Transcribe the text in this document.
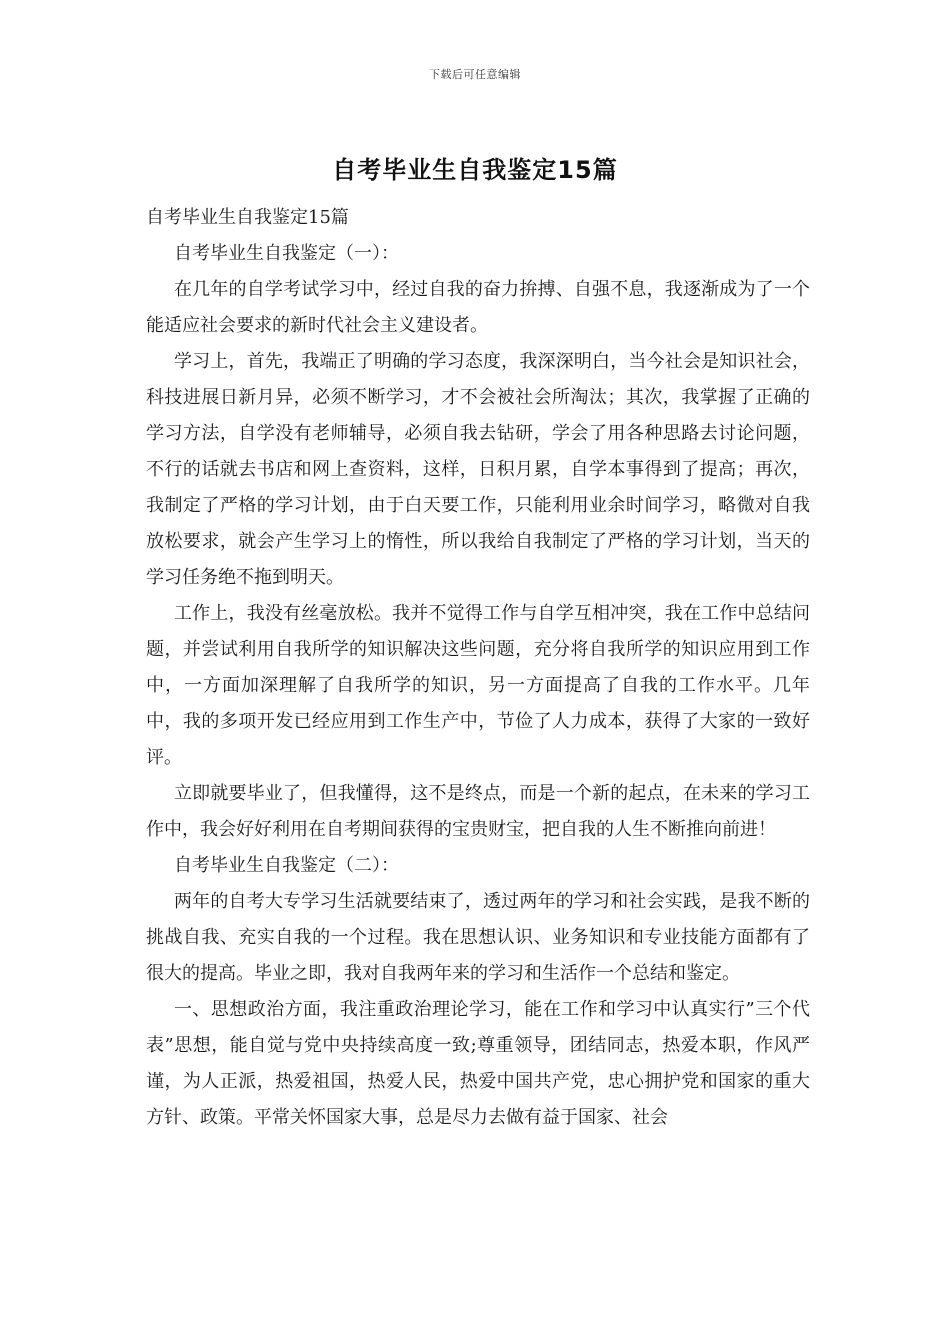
下载后可任意编辑
自考毕业生自我鉴定15篇

自考毕业生自我鉴定15篇

自考毕业生自我鉴定（一）：

在几年的自学考试学习中，经过自我的奋力拚搏、自强不息，我逐渐成为了一个能适应社会要求的新时代社会主义建设者。

学习上，首先，我端正了明确的学习态度，我深深明白，当今社会是知识社会，科技进展日新月异，必须不断学习，才不会被社会所淘汰；其次，我掌握了正确的学习方法，自学没有老师辅导，必须自我去钻研，学会了用各种思路去讨论问题，不行的话就去书店和网上查资料，这样，日积月累，自学本事得到了提高；再次，我制定了严格的学习计划，由于白天要工作，只能利用业余时间学习，略微对自我放松要求，就会产生学习上的惰性，所以我给自我制定了严格的学习计划，当天的学习任务绝不拖到明天。

工作上，我没有丝毫放松。我并不觉得工作与自学互相冲突，我在工作中总结问题，并尝试利用自我所学的知识解决这些问题，充分将自我所学的知识应用到工作中，一方面加深理解了自我所学的知识，另一方面提高了自我的工作水平。几年中，我的多项开发已经应用到工作生产中，节俭了人力成本，获得了大家的一致好评。

立即就要毕业了，但我懂得，这不是终点，而是一个新的起点，在未来的学习工作中，我会好好利用在自考期间获得的宝贵财宝，把自我的人生不断推向前进！

自考毕业生自我鉴定（二）：

两年的自考大专学习生活就要结束了，透过两年的学习和社会实践，是我不断的挑战自我、充实自我的一个过程。我在思想认识、业务知识和专业技能方面都有了很大的提高。毕业之即，我对自我两年来的学习和生活作一个总结和鉴定。

一、思想政治方面，我注重政治理论学习，能在工作和学习中认真实行”三个代表”思想，能自觉与党中央持续高度一致;尊重领导，团结同志，热爱本职，作风严谨，为人正派，热爱祖国，热爱人民，热爱中国共产党，忠心拥护党和国家的重大方针、政策。平常关怀国家大事，总是尽力去做有益于国家、社会
